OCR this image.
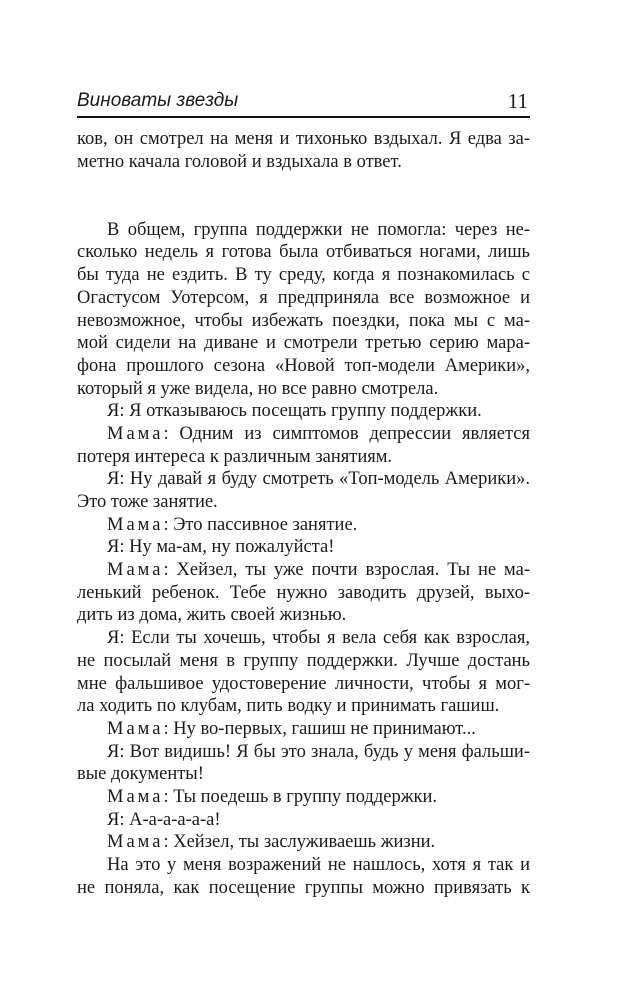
Виноваты звезды	11
ков, он смотрел на меня и тихонько вздыхал. Я едва за-
метно качала головой и вздыхала в ответ.
В общем, группа поддержки не помогла: через не-
сколько недель я готова была отбиваться ногами, лишь
бы туда не ездить. В ту среду, когда я познакомилась с
Огастусом Уотерсом, я предприняла все возможное и
невозможное, чтобы избежать поездки, пока мы с ма-
мой сидели на диване и смотрели третью серию мара-
фона прошлого сезона «Новой топ-модели Америки»,
который я уже видела, но все равно смотрела.
Я: Я отказываюсь посещать группу поддержки.
Мама: Одним из симптомов депрессии является
потеря интереса к различным занятиям.
Я: Ну давай я буду смотреть «Топ-модель Америки».
Это тоже занятие.
Мама: Это пассивное занятие.
Я: Ну ма-ам, ну пожалуйста!
Мама: Хейзел, ты уже почти взрослая. Ты не ма-
ленький ребенок. Тебе нужно заводить друзей, выхо-
дить из дома, жить своей жизнью.
Я: Если ты хочешь, чтобы я вела себя как взрослая,
не посылай меня в группу поддержки. Лучше достань
мне фальшивое удостоверение личности, чтобы я мог-
ла ходить по клубам, пить водку и принимать гашиш.
Мама: Ну во-первых, гашиш не принимают...
Я: Вот видишь! Я бы это знала, будь у меня фальши-
вые документы!
Мама: Ты поедешь в группу поддержки.
Я: А-а-а-а-а-а!
Мама: Хейзел, ты заслуживаешь жизни.
На это у меня возражений не нашлось, хотя я так и
не поняла, как посещение группы можно привязать к
